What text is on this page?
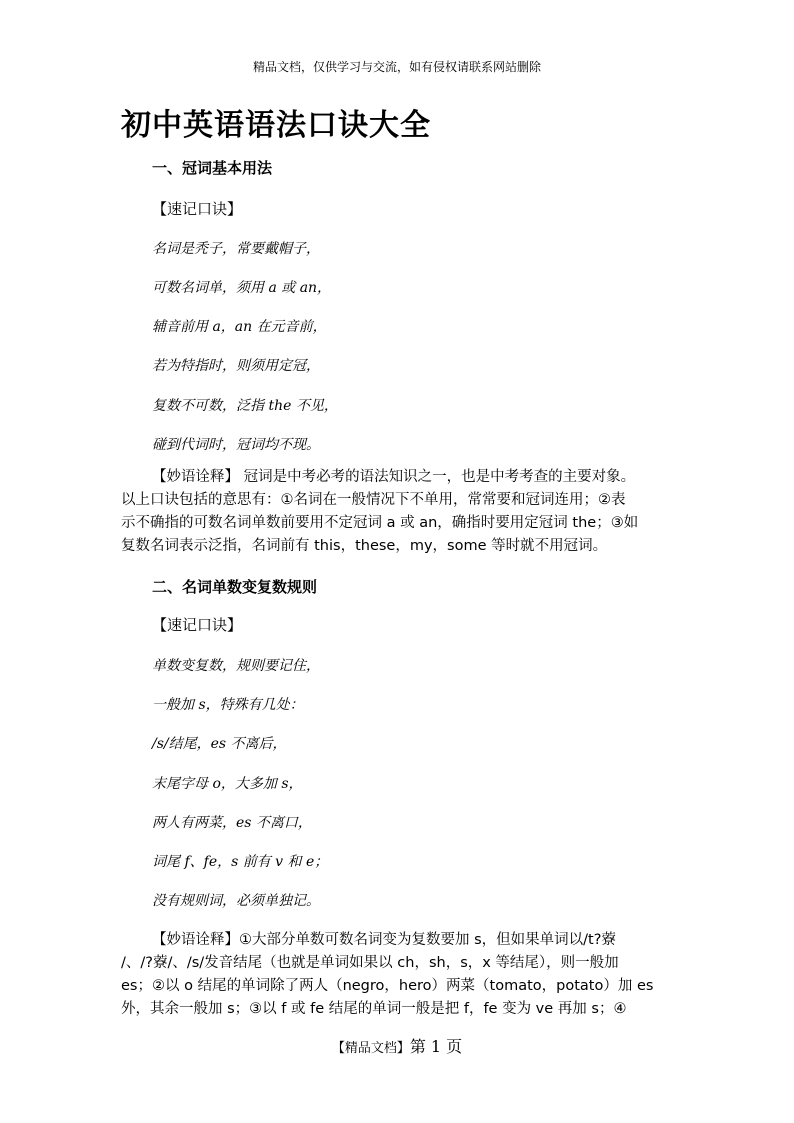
精品文档，仅供学习与交流，如有侵权请联系网站删除
初中英语语法口诀大全
一、冠词基本用法
【速记口诀】
名词是秃子，常要戴帽子，
可数名词单，须用 a 或 an，
辅音前用 a，an 在元音前，
若为特指时，则须用定冠，
复数不可数，泛指 the 不见，
碰到代词时，冠词均不现。
【妙语诠释】 冠词是中考必考的语法知识之一，也是中考考查的主要对象。
以上口诀包括的意思有：①名词在一般情况下不单用，常常要和冠词连用；②表
示不确指的可数名词单数前要用不定冠词 a 或 an，确指时要用定冠词 the；③如
复数名词表示泛指，名词前有 this，these，my，some 等时就不用冠词。
二、名词单数变复数规则
【速记口诀】
单数变复数，规则要记住，
一般加 s，特殊有几处：
/s/结尾，es 不离后，
末尾字母 o，大多加 s，
两人有两菜，es 不离口，
词尾 f、fe，s 前有 v 和 e；
没有规则词，必须单独记。
【妙语诠释】①大部分单数可数名词变为复数要加 s，但如果单词以/t?藔
/、/?藔/、/s/发音结尾（也就是单词如果以 ch，sh，s，x 等结尾），则一般加
es；②以 o 结尾的单词除了两人（negro，hero）两菜（tomato，potato）加 es
外，其余一般加 s；③以 f 或 fe 结尾的单词一般是把 f，fe 变为 ve 再加 s；④
【精品文档】第 1 页
